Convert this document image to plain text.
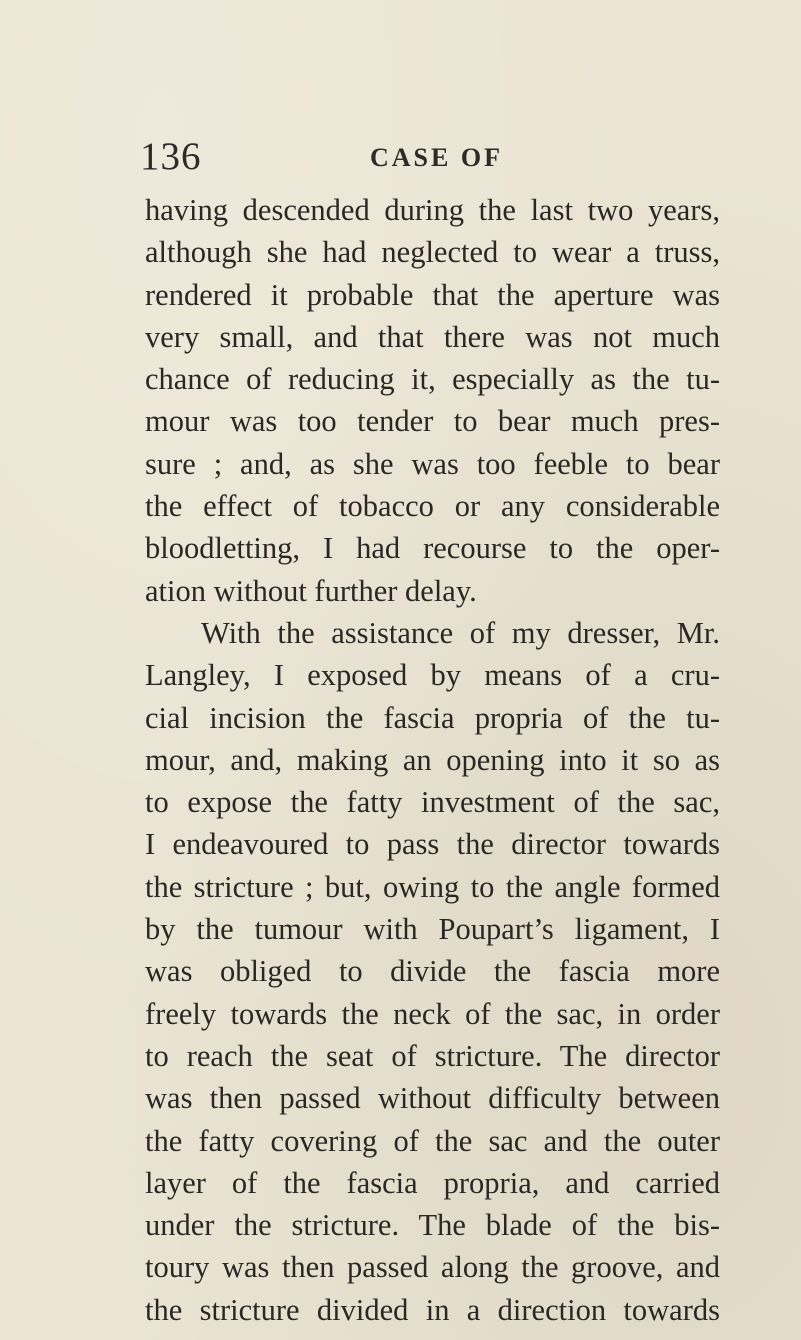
136	CASE OF
having descended during the last two years,
although she had neglected to wear a truss,
rendered it probable that the aperture was
very small, and that there was not much
chance of reducing it, especially as the tu-
mour was too tender to bear much pres-
sure ; and, as she was too feeble to bear
the effect of tobacco or any considerable
bloodletting, I had recourse to the oper-
ation without further delay.
With the assistance of my dresser, Mr.
Langley, I exposed by means of a cru-
cial incision the fascia propria of the tu-
mour, and, making an opening into it so as
to expose the fatty investment of the sac,
I endeavoured to pass the director towards
the stricture ; but, owing to the angle formed
by the tumour with Poupart’s ligament, I
was obliged to divide the fascia more
freely towards the neck of the sac, in order
to reach the seat of stricture. The director
was then passed without difficulty between
the fatty covering of the sac and the outer
layer of the fascia propria, and carried
under the stricture. The blade of the bis-
toury was then passed along the groove, and
the stricture divided in a direction towards
